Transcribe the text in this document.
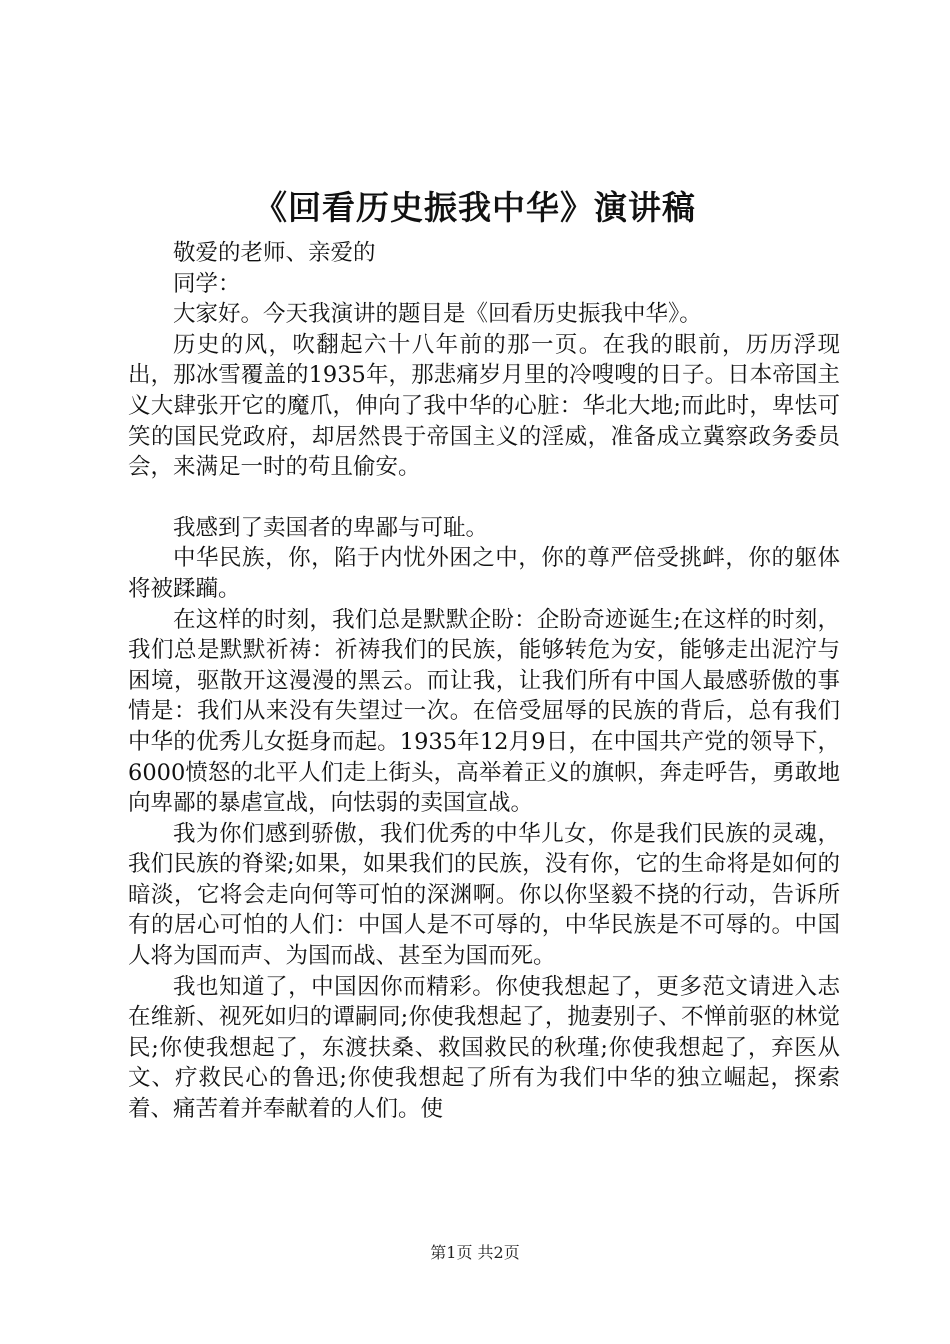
《回看历史振我中华》演讲稿

敬爱的老师、亲爱的

同学：

大家好。今天我演讲的题目是《回看历史振我中华》。

历史的风，吹翻起六十八年前的那一页。在我的眼前，历历浮现出，那冰雪覆盖的1935年，那悲痛岁月里的冷嗖嗖的日子。日本帝国主义大肆张开它的魔爪，伸向了我中华的心脏：华北大地;而此时，卑怯可笑的国民党政府，却居然畏于帝国主义的淫威，准备成立冀察政务委员会，来满足一时的苟且偷安。

我感到了卖国者的卑鄙与可耻。

中华民族，你，陷于内忧外困之中，你的尊严倍受挑衅，你的躯体将被蹂躏。

在这样的时刻，我们总是默默企盼：企盼奇迹诞生;在这样的时刻，我们总是默默祈祷：祈祷我们的民族，能够转危为安，能够走出泥泞与困境，驱散开这漫漫的黑云。而让我，让我们所有中国人最感骄傲的事情是：我们从来没有失望过一次。在倍受屈辱的民族的背后，总有我们中华的优秀儿女挺身而起。1935年12月9日，在中国共产党的领导下，6000愤怒的北平人们走上街头，高举着正义的旗帜，奔走呼告，勇敢地向卑鄙的暴虐宣战，向怯弱的卖国宣战。

我为你们感到骄傲，我们优秀的中华儿女，你是我们民族的灵魂，我们民族的脊梁;如果，如果我们的民族，没有你，它的生命将是如何的暗淡，它将会走向何等可怕的深渊啊。你以你坚毅不挠的行动，告诉所有的居心可怕的人们：中国人是不可辱的，中华民族是不可辱的。中国人将为国而声、为国而战、甚至为国而死。

我也知道了，中国因你而精彩。你使我想起了，更多范文请进入志在维新、视死如归的谭嗣同;你使我想起了，抛妻别子、不惮前驱的林觉民;你使我想起了，东渡扶桑、救国救民的秋瑾;你使我想起了，弃医从文、疗救民心的鲁迅;你使我想起了所有为我们中华的独立崛起，探索着、痛苦着并奉献着的人们。使

第1页 共2页
